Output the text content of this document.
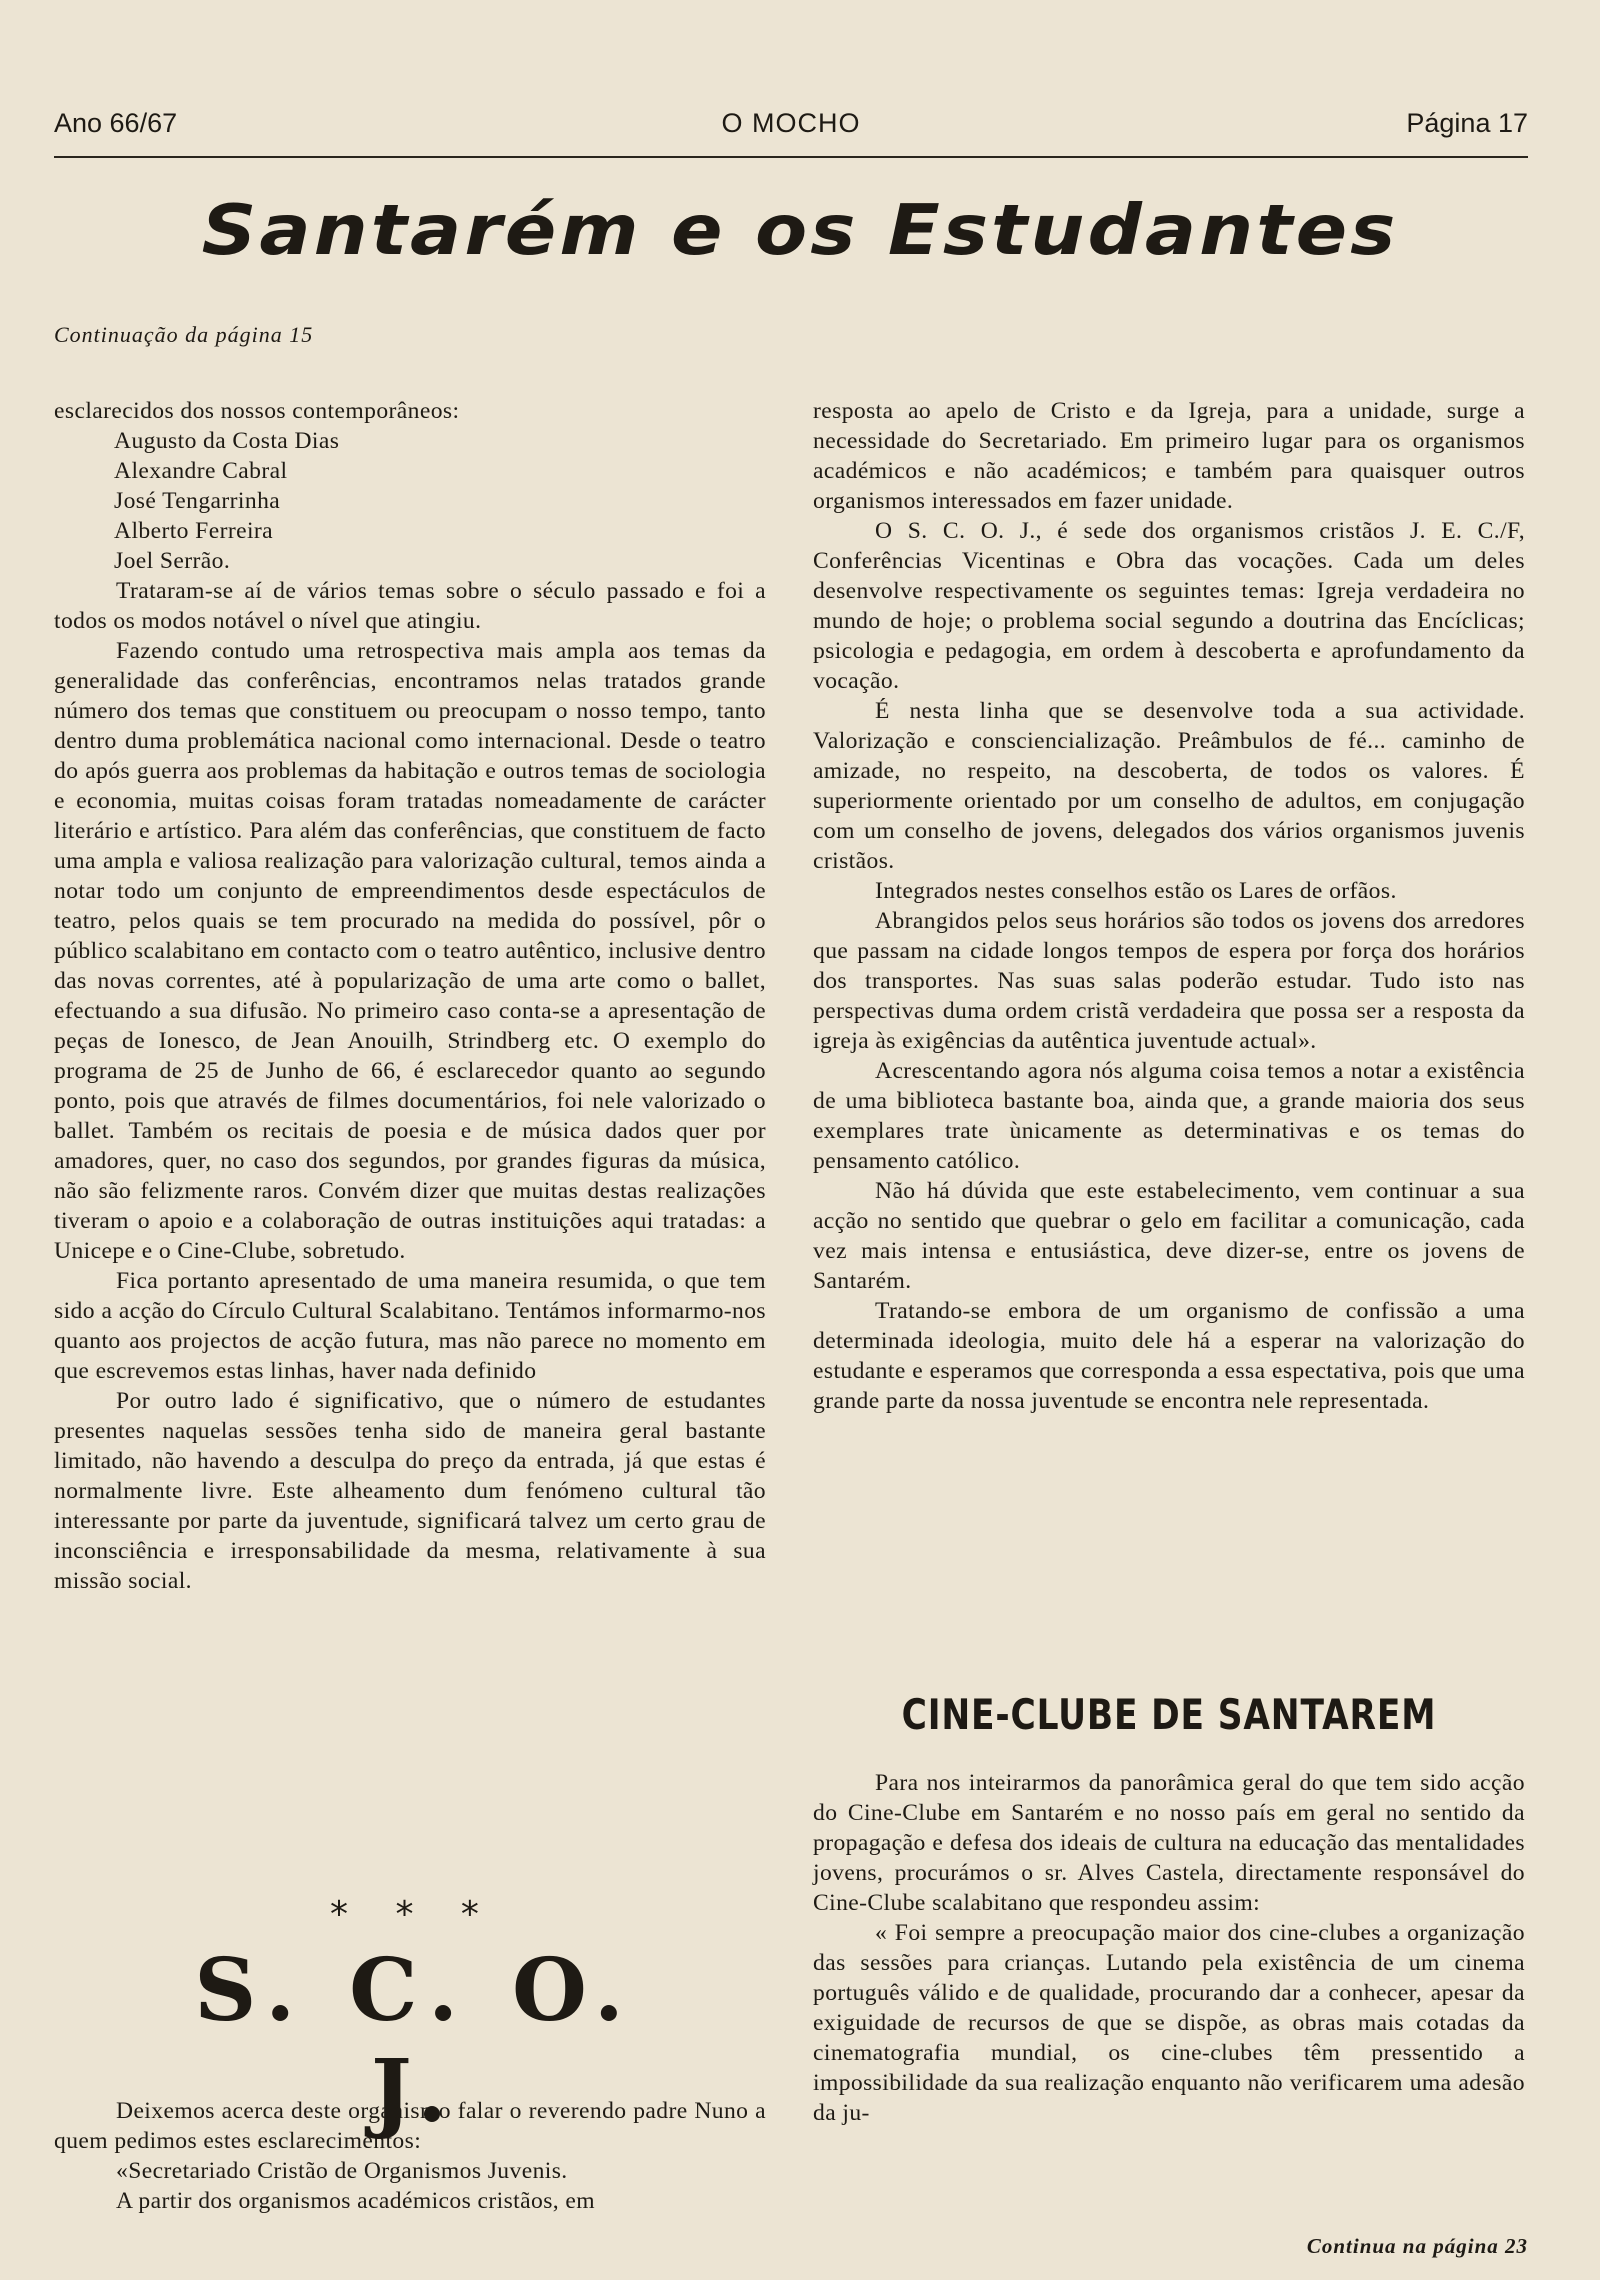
Ano 66/67	O MOCHO	Página 17
Santarém e os Estudantes
Continuação da página 15

esclarecidos dos nossos contemporâneos:

Augusto da Costa Dias

Alexandre Cabral

José Tengarrinha

Alberto Ferreira

Joel Serrão.

Trataram-se aí de vários temas sobre o século passado e foi a todos os modos notável o nível que atingiu.

Fazendo contudo uma retrospectiva mais ampla aos temas da generalidade das conferências, encontramos nelas tratados grande número dos temas que constituem ou preocupam o nosso tempo, tanto dentro duma problemática nacional como internacional. Desde o teatro do após guerra aos problemas da habitação e outros temas de sociologia e economia, muitas coisas foram tratadas nomeadamente de carácter literário e artístico. Para além das conferências, que constituem de facto uma ampla e valiosa realização para valorização cultural, temos ainda a notar todo um conjunto de empreendimentos desde espectáculos de teatro, pelos quais se tem procurado na medida do possível, pôr o público scalabitano em contacto com o teatro autêntico, inclusive dentro das novas correntes, até à popularização de uma arte como o ballet, efectuando a sua difusão. No primeiro caso conta-se a apresentação de peças de Ionesco, de Jean Anouilh, Strindberg etc. O exemplo do programa de 25 de Junho de 66, é esclarecedor quanto ao segundo ponto, pois que através de filmes documentários, foi nele valorizado o ballet. Também os recitais de poesia e de música dados quer por amadores, quer, no caso dos segundos, por grandes figuras da música, não são felizmente raros. Convém dizer que muitas destas realizações tiveram o apoio e a colaboração de outras instituições aqui tratadas: a Unicepe e o Cine-Clube, sobretudo.

Fica portanto apresentado de uma maneira resumida, o que tem sido a acção do Círculo Cultural Scalabitano. Tentámos informarmo-nos quanto aos projectos de acção futura, mas não parece no momento em que escrevemos estas linhas, haver nada definido

Por outro lado é significativo, que o número de estudantes presentes naquelas sessões tenha sido de maneira geral bastante limitado, não havendo a desculpa do preço da entrada, já que estas é normalmente livre. Este alheamento dum fenómeno cultural tão interessante por parte da juventude, significará talvez um certo grau de inconsciência e irresponsabilidade da mesma, relativamente à sua missão social.

* * *
S. C. O. J.

Deixemos acerca deste organismo falar o reverendo padre Nuno a quem pedimos estes esclarecimentos:

«Secretariado Cristão de Organismos Juvenis.

A partir dos organismos académicos cristãos, em

resposta ao apelo de Cristo e da Igreja, para a unidade, surge a necessidade do Secretariado. Em primeiro lugar para os organismos académicos e não académicos; e também para quaisquer outros organismos interessados em fazer unidade.

O S. C. O. J., é sede dos organismos cristãos J. E. C./F, Conferências Vicentinas e Obra das vocações. Cada um deles desenvolve respectivamente os seguintes temas: Igreja verdadeira no mundo de hoje; o problema social segundo a doutrina das Encíclicas; psicologia e pedagogia, em ordem à descoberta e aprofundamento da vocação.

É nesta linha que se desenvolve toda a sua actividade. Valorização e consciencialização. Preâmbulos de fé... caminho de amizade, no respeito, na descoberta, de todos os valores. É superiormente orientado por um conselho de adultos, em conjugação com um conselho de jovens, delegados dos vários organismos juvenis cristãos.

Integrados nestes conselhos estão os Lares de orfãos.

Abrangidos pelos seus horários são todos os jovens dos arredores que passam na cidade longos tempos de espera por força dos horários dos transportes. Nas suas salas poderão estudar. Tudo isto nas perspectivas duma ordem cristã verdadeira que possa ser a resposta da igreja às exigências da autêntica juventude actual».

Acrescentando agora nós alguma coisa temos a notar a existência de uma biblioteca bastante boa, ainda que, a grande maioria dos seus exemplares trate ùnicamente as determinativas e os temas do pensamento católico.

Não há dúvida que este estabelecimento, vem continuar a sua acção no sentido que quebrar o gelo em facilitar a comunicação, cada vez mais intensa e entusiástica, deve dizer-se, entre os jovens de Santarém.

Tratando-se embora de um organismo de confissão a uma determinada ideologia, muito dele há a esperar na valorização do estudante e esperamos que corresponda a essa espectativa, pois que uma grande parte da nossa juventude se encontra nele representada.

CINE-CLUBE DE SANTAREM

Para nos inteirarmos da panorâmica geral do que tem sido acção do Cine-Clube em Santarém e no nosso país em geral no sentido da propagação e defesa dos ideais de cultura na educação das mentalidades jovens, procurámos o sr. Alves Castela, directamente responsável do Cine-Clube scalabitano que respondeu assim:

« Foi sempre a preocupação maior dos cine-clubes a organização das sessões para crianças. Lutando pela existência de um cinema português válido e de qualidade, procurando dar a conhecer, apesar da exiguidade de recursos de que se dispõe, as obras mais cotadas da cinematografia mundial, os cine-clubes têm pressentido a impossibilidade da sua realização enquanto não verificarem uma adesão da ju-

Continua na página 23
